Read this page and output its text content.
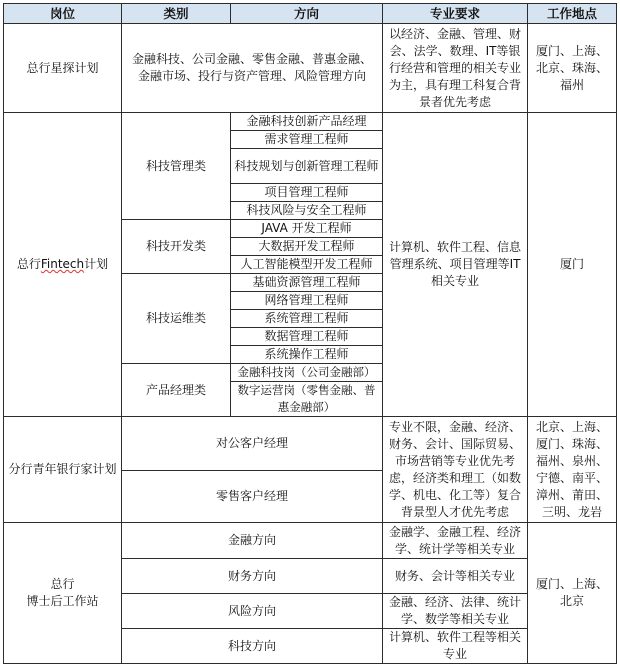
岗位	类别	方向	专业要求	工作地点
总行星探计划	金融科技、公司金融、零售金融、普惠金融、金融市场、投行与资产管理、风险管理方向		以经济、金融、管理、财会、法学、数理、IT等银行经营和管理的相关专业为主，具有理工科复合背景者优先考虑	厦门、上海、北京、珠海、福州
总行Fintech计划	科技管理类	金融科技创新产品经理	计算机、软件工程、信息管理系统、项目管理等IT相关专业	厦门
		需求管理工程师		
		科技规划与创新管理工程师		
		项目管理工程师		
		科技风险与安全工程师		
	科技开发类	JAVA 开发工程师		
		大数据开发工程师		
		人工智能模型开发工程师		
	科技运维类	基础资源管理工程师		
		网络管理工程师		
		系统管理工程师		
		数据管理工程师		
		系统操作工程师		
	产品经理类	金融科技岗（公司金融部）		
		数字运营岗（零售金融、普惠金融部）		
分行青年银行家计划	对公客户经理		专业不限，金融、经济、财务、会计、国际贸易、市场营销等专业优先考虑，经济类和理工（如数学、机电、化工等）复合背景型人才优先考虑	北京、上海、厦门、珠海、福州、泉州、宁德、南平、漳州、莆田、三明、龙岩
	零售客户经理			
总行
博士后工作站	金融方向		金融学、金融工程、经济学、统计学等相关专业	厦门、上海、北京
	财务方向		财务、会计等相关专业	
	风险方向		金融、经济、法律、统计学、数学等相关专业	
	科技方向		计算机、软件工程等相关专业	
